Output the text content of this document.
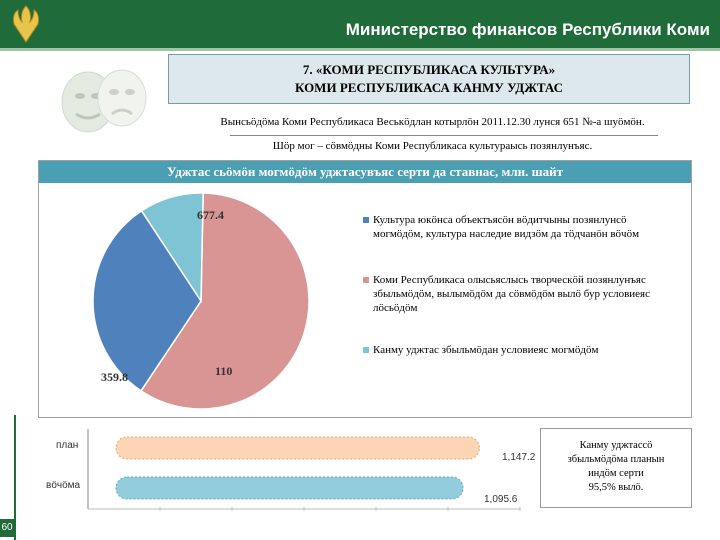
Министерство финансов Республики Коми
7. «КОМИ РЕСПУБЛИКАСА КУЛЬТУРА»
КОМИ РЕСПУБЛИКАСА КАНМУ УДЖТАС
Вынсьӧдӧма Коми Республикаса Веськӧдлан котырлӧн 2011.12.30 лунся 651 №-а шуӧмӧн.
Шӧр мог – сӧвмӧдны Коми Республикаса культураысь позянлунъяс.
Уджтас сьӧмӧн могмӧдӧм уджтасувъяс серти да ставнас, млн. шайт
677.4
359.8	110
Культура юкӧнса объектъясӧн вӧдитчыны позянлунсӧ могмӧдӧм, культура наследие видзӧм да тӧдчанӧн вӧчӧм
Коми Республикаса олысьяслысь творческӧй позянлунъяс збыльмӧдӧм, вылымӧдӧм да сӧвмӧдӧм вылӧ бур условиеяс лӧсьӧдӧм
Канму уджтас збыльмӧдан условиеяс могмӧдӧм
план
вӧчӧма
1,147.2
1,095.6
Канму уджтассӧ
збыльмӧдӧма планын
индӧм серти
95,5% вылӧ.
60
